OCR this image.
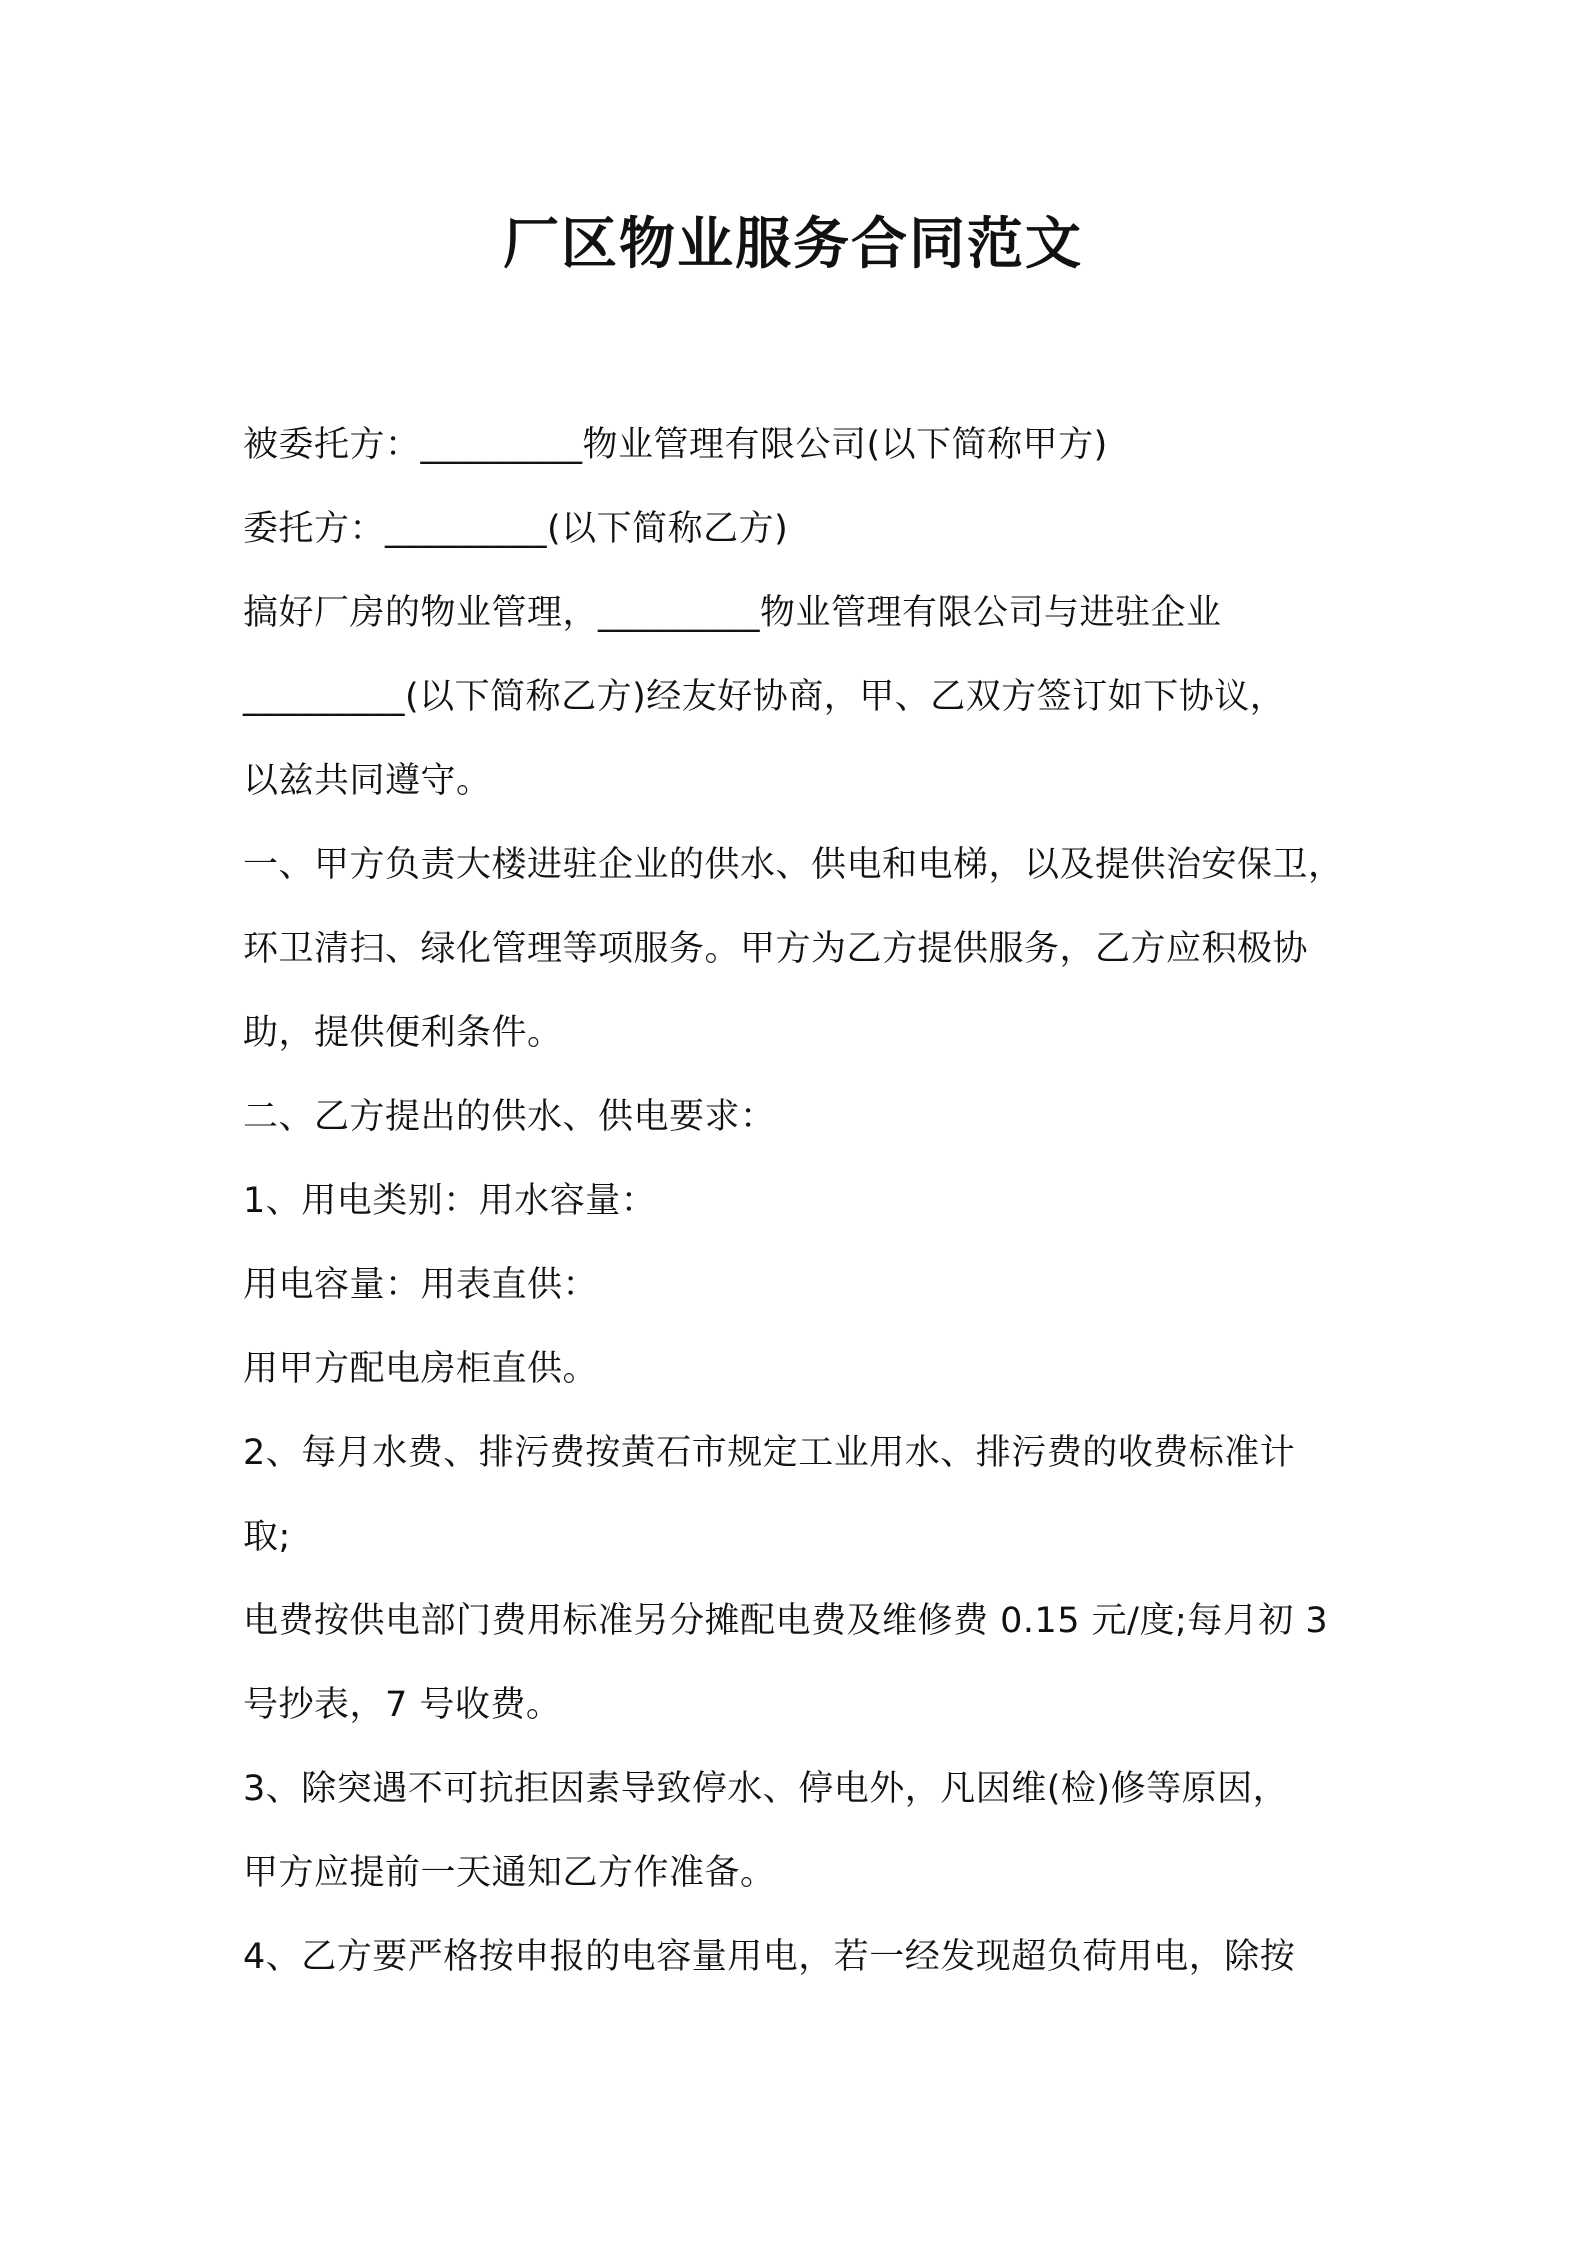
厂区物业服务合同范文
被委托方：_________物业管理有限公司(以下简称甲方)
委托方：_________(以下简称乙方)
搞好厂房的物业管理，_________物业管理有限公司与进驻企业
_________(以下简称乙方)经友好协商，甲、乙双方签订如下协议，
以兹共同遵守。
一、甲方负责大楼进驻企业的供水、供电和电梯，以及提供治安保卫，
环卫清扫、绿化管理等项服务。甲方为乙方提供服务，乙方应积极协
助，提供便利条件。
二、乙方提出的供水、供电要求：
1、用电类别：用水容量：
用电容量：用表直供：
用甲方配电房柜直供。
2、每月水费、排污费按黄石市规定工业用水、排污费的收费标准计
取;
电费按供电部门费用标准另分摊配电费及维修费 0.15 元/度;每月初 3
号抄表，7 号收费。
3、除突遇不可抗拒因素导致停水、停电外，凡因维(检)修等原因，
甲方应提前一天通知乙方作准备。
4、乙方要严格按申报的电容量用电，若一经发现超负荷用电，除按
